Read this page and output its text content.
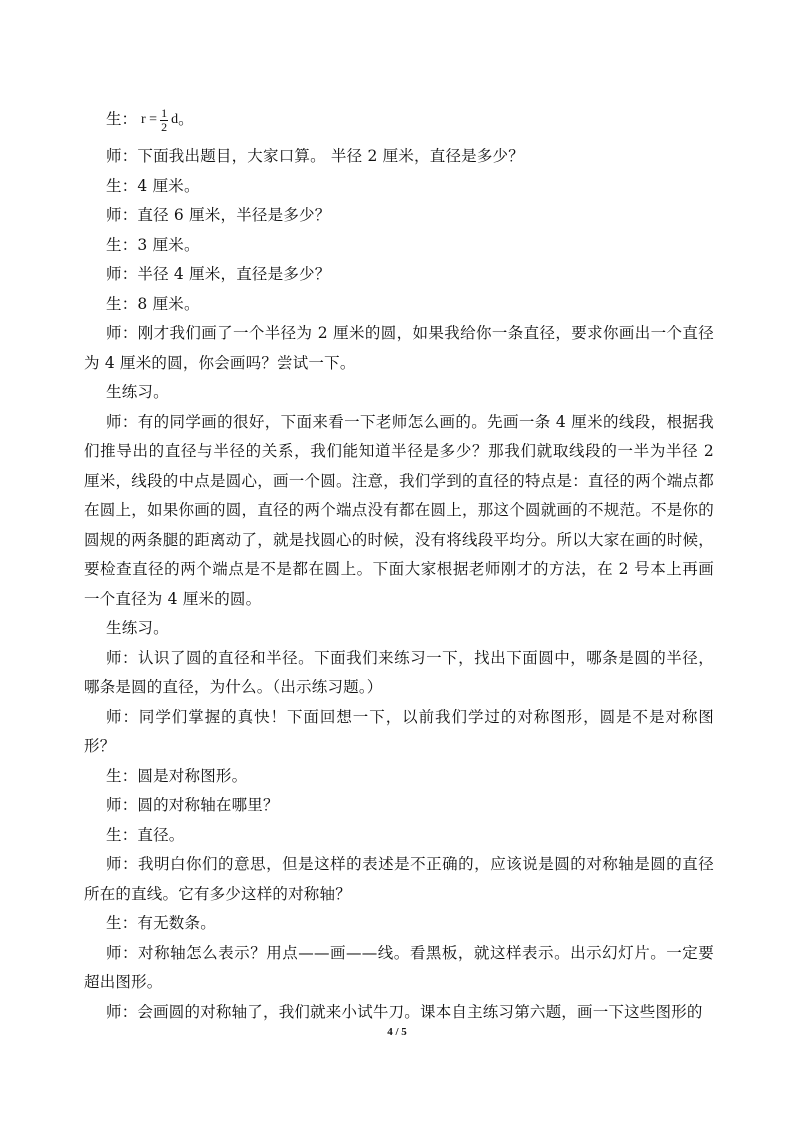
生： $r = \frac{1}{2}$ d 。

师：下面我出题目，大家口算。 半径 2 厘米，直径是多少？

生：4 厘米。

师：直径 6 厘米，半径是多少？

生：3 厘米。

师：半径 4 厘米，直径是多少？

生：8 厘米。

师：刚才我们画了一个半径为 2 厘米的圆，如果我给你一条直径，要求你画出一个直径为 4 厘米的圆，你会画吗？尝试一下。

生练习。

师：有的同学画的很好，下面来看一下老师怎么画的。先画一条 4 厘米的线段，根据我们推导出的直径与半径的关系，我们能知道半径是多少？那我们就取线段的一半为半径 2 厘米，线段的中点是圆心，画一个圆。注意，我们学到的直径的特点是：直径的两个端点都在圆上，如果你画的圆，直径的两个端点没有都在圆上，那这个圆就画的不规范。不是你的圆规的两条腿的距离动了，就是找圆心的时候，没有将线段平均分。所以大家在画的时候，要检查直径的两个端点是不是都在圆上。下面大家根据老师刚才的方法，在 2 号本上再画一个直径为 4 厘米的圆。

生练习。

师：认识了圆的直径和半径。下面我们来练习一下，找出下面圆中，哪条是圆的半径，哪条是圆的直径，为什么。（出示练习题。）

师：同学们掌握的真快！下面回想一下，以前我们学过的对称图形，圆是不是对称图形？

生：圆是对称图形。

师：圆的对称轴在哪里？

生：直径。

师：我明白你们的意思，但是这样的表述是不正确的，应该说是圆的对称轴是圆的直径所在的直线。它有多少这样的对称轴？

生：有无数条。

师：对称轴怎么表示？用点——画——线。看黑板，就这样表示。出示幻灯片。一定要超出图形。

师：会画圆的对称轴了，我们就来小试牛刀。课本自主练习第六题，画一下这些图形的

4 / 5
